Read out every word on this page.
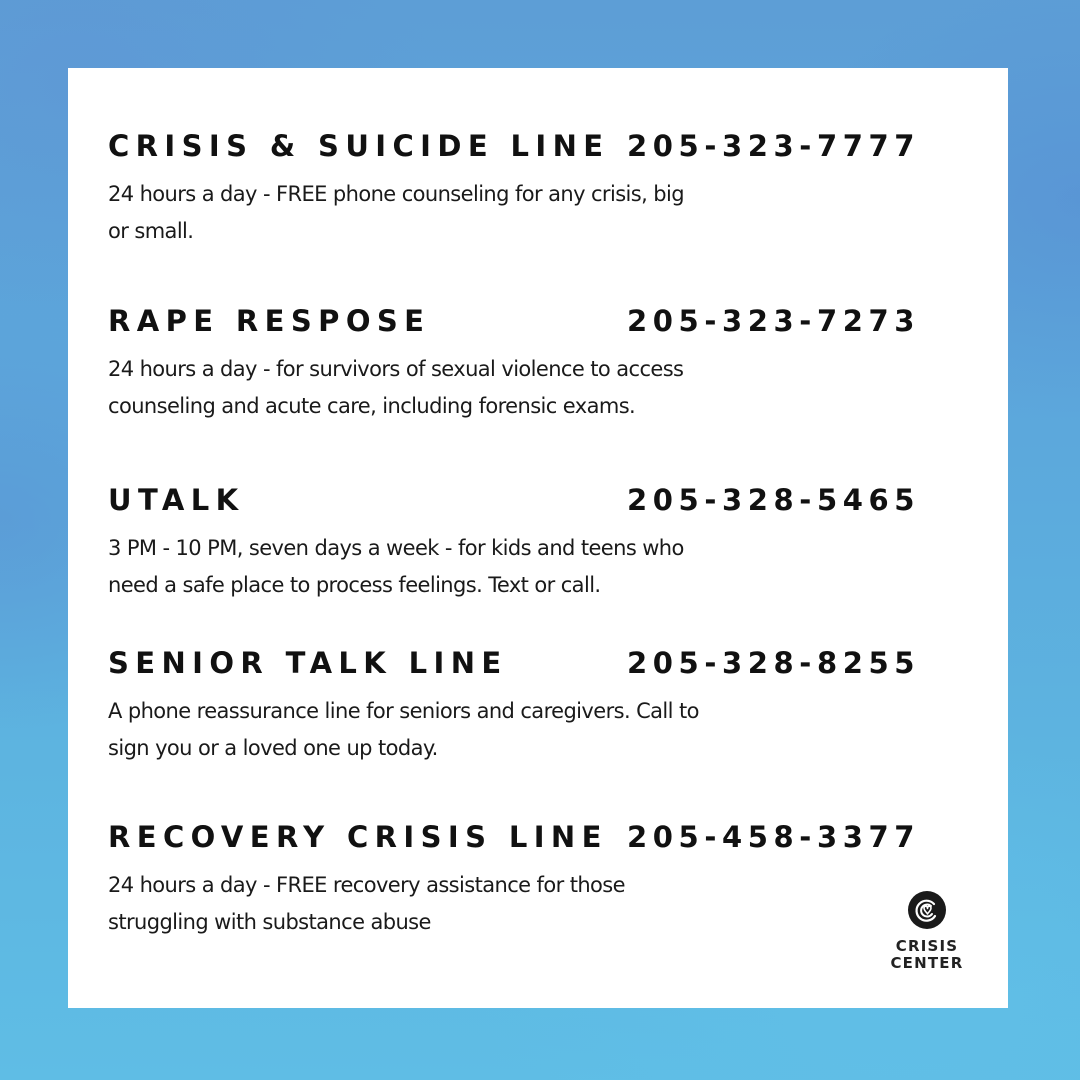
CRISIS & SUICIDE LINE 205-323-7777
24 hours a day - FREE phone counseling for any crisis, big
or small.
RAPE RESPOSE	205-323-7273
24 hours a day - for survivors of sexual violence to access
counseling and acute care, including forensic exams.
UTALK	205-328-5465
3 PM - 10 PM, seven days a week - for kids and teens who
need a safe place to process feelings. Text or call.
SENIOR TALK LINE	205-328-8255
A phone reassurance line for seniors and caregivers. Call to
sign you or a loved one up today.
RECOVERY CRISIS LINE 205-458-3377
24 hours a day - FREE recovery assistance for those
struggling with substance abuse
CRISIS
CENTER
